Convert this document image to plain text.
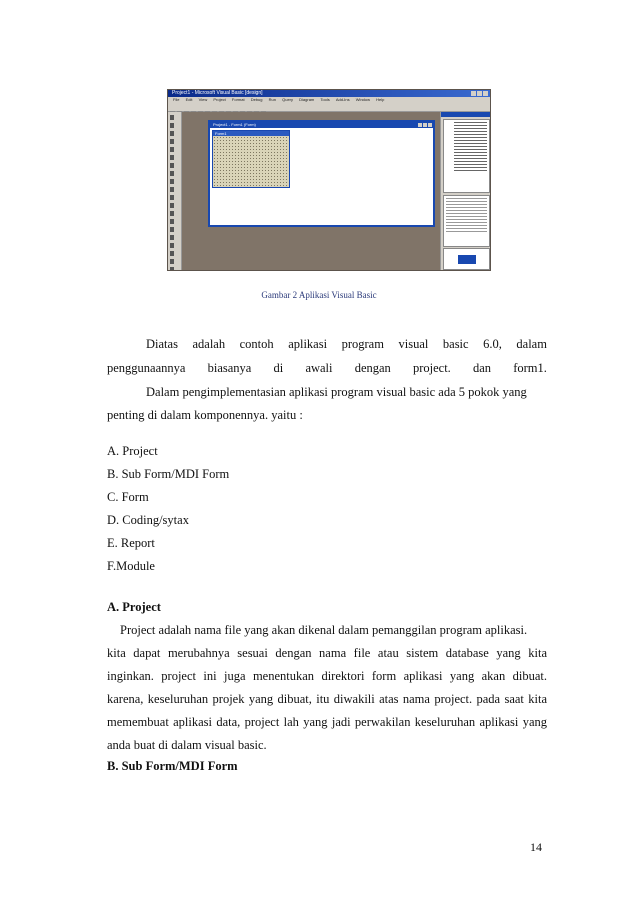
Project1 - Microsoft Visual Basic [design]
File Edit View Project Format Debug Run Query Diagram Tools Add-Ins Window Help
Project1 - Form1 (Form)
Form1
Gambar 2 Aplikasi Visual Basic
Diatas adalah contoh aplikasi program visual basic 6.0, dalam
penggunaannya biasanya di awali dengan project. dan form1.
Dalam pengimplementasian aplikasi program visual basic ada 5 pokok yang
penting di dalam komponennya. yaitu :
A. Project
B. Sub Form/MDI Form
C. Form
D. Coding/sytax
E. Report
F.Module
A. Project
Project adalah nama file yang akan dikenal dalam pemanggilan program aplikasi.
kita dapat merubahnya sesuai dengan nama file atau sistem database yang kita
inginkan. project ini juga menentukan direktori form aplikasi yang akan dibuat.
karena, keseluruhan projek yang dibuat, itu diwakili atas nama project. pada saat kita
memembuat aplikasi data, project lah yang jadi perwakilan keseluruhan aplikasi yang
anda buat di dalam visual basic.
B. Sub Form/MDI Form
14
